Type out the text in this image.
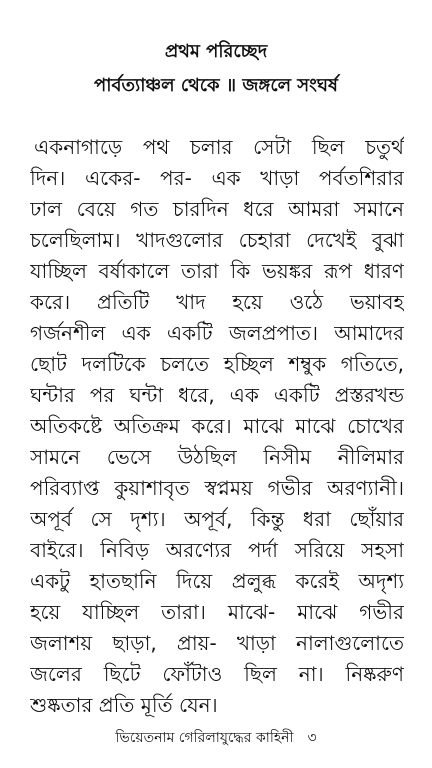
প্রথম পরিচ্ছেদ
পার্বত্যাঞ্চল থেকে ॥ জঙ্গলে সংঘর্ষ
একনাগাড়ে পথ চলার সেটা ছিল চতুর্থ
দিন। একের- পর- এক খাড়া পর্বতশিরার
ঢাল বেয়ে গত চারদিন ধরে আমরা সমানে
চলেছিলাম। খাদগুলোর চেহারা দেখেই বুঝা
যাচ্ছিল বর্ষাকালে তারা কি ভয়ঙ্কর রূপ ধারণ
করে। প্রতিটি খাদ হয়ে ওঠে ভয়াবহ
গর্জনশীল এক একটি জলপ্রপাত। আমাদের
ছোট দলটিকে চলতে হচ্ছিল শম্বুক গতিতে,
ঘন্টার পর ঘন্টা ধরে, এক একটি প্রস্তরখন্ড
অতিকষ্টে অতিক্রম করে। মাঝে মাঝে চোখের
সামনে ভেসে উঠছিল নিসীম নীলিমার
পরিব্যাপ্ত কুয়াশাবৃত স্বপ্নময় গভীর অরণ্যানী।
অপূর্ব সে দৃশ্য। অপূর্ব, কিন্তু ধরা ছোঁয়ার
বাইরে। নিবিড় অরণ্যের পর্দা সরিয়ে সহসা
একটু হাতছানি দিয়ে প্রলুব্ধ করেই অদৃশ্য
হয়ে যাচ্ছিল তারা। মাঝে- মাঝে গভীর
জলাশয় ছাড়া, প্রায়- খাড়া নালাগুলোতে
জলের ছিটে ফোঁটাও ছিল না। নিষ্করুণ
শুষ্কতার প্রতি মূর্তি যেন।
ভিয়েতনাম গেরিলাযুদ্ধের কাহিনী ৩
